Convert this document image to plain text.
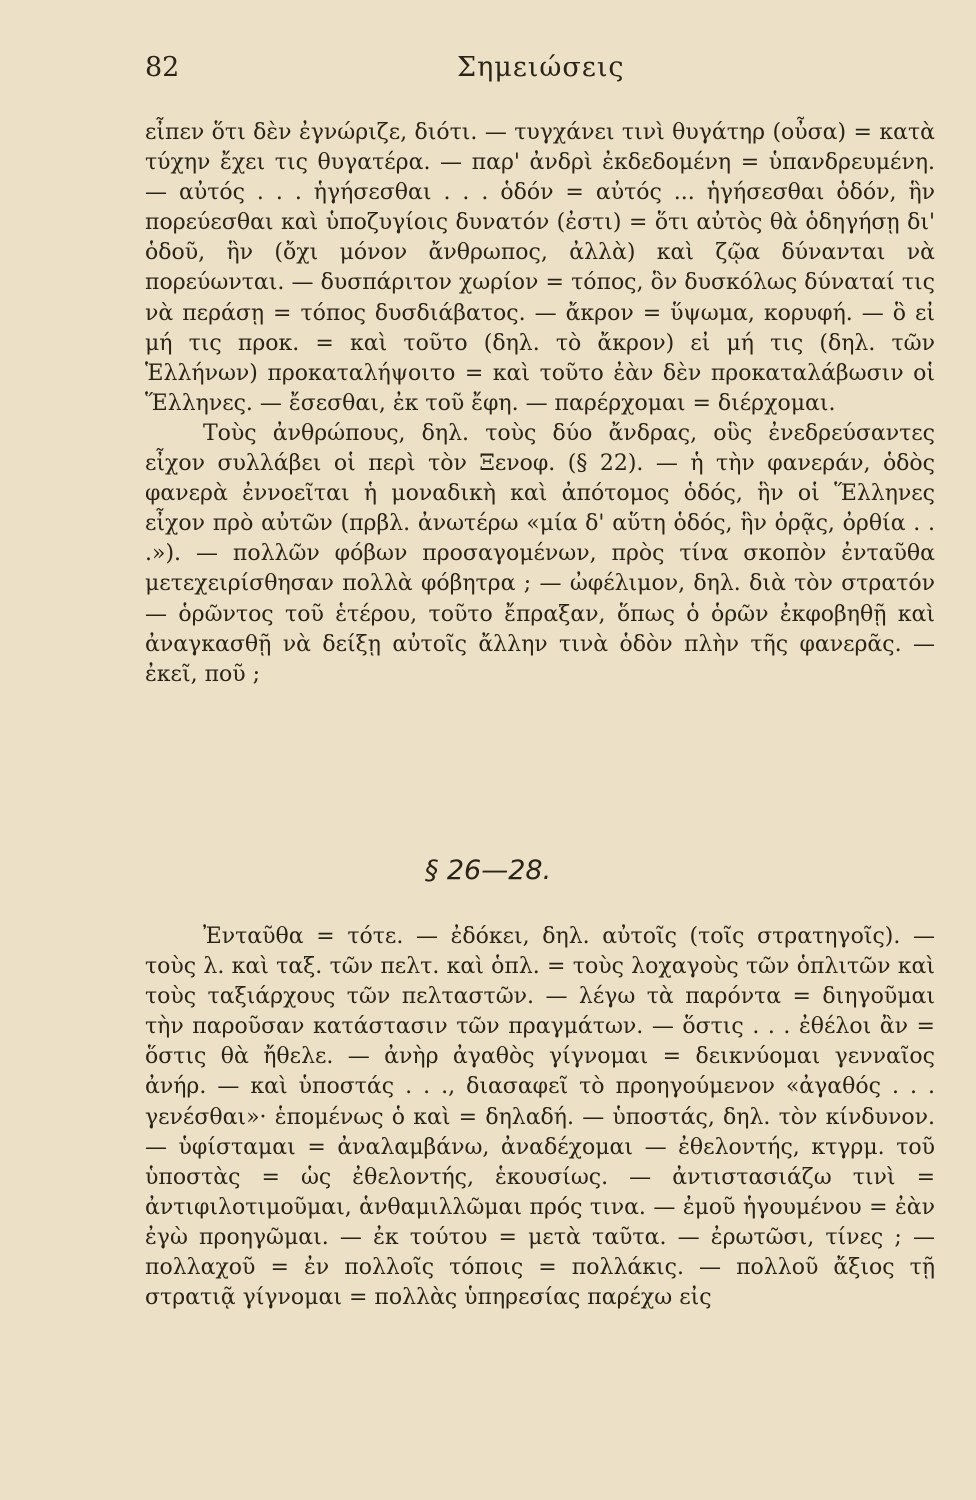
82	Σημειώσεις

εἶπεν ὅτι δὲν ἐγνώριζε, διότι. — τυγχάνει τινὶ θυγάτηρ (οὖσα) = κατὰ τύχην ἔχει τις θυγατέρα. — παρ' ἀνδρὶ ἐκδεδομένη = ὑπανδρευμένη. — αὐτός . . . ἡγήσεσθαι . . . ὁδόν = αὐτός ... ἡγήσεσθαι ὁδόν, ἣν πορεύεσθαι καὶ ὑποζυγίοις δυνατόν (ἐστι) = ὅτι αὐτὸς θὰ ὁδηγήσῃ δι' ὁδοῦ, ἣν (ὄχι μόνον ἄνθρωπος, ἀλλὰ) καὶ ζῷα δύνανται νὰ πορεύωνται. — δυσπάριτον χωρίον = τόπος, ὃν δυσκόλως δύναταί τις νὰ περάσῃ = τόπος δυσδιάβατος. — ἄκρον = ὕψωμα, κορυφή. — ὃ εἰ μή τις προκ. = καὶ τοῦτο (δηλ. τὸ ἄκρον) εἰ μή τις (δηλ. τῶν Ἑλλήνων) προκαταλήψοιτο = καὶ τοῦτο ἐὰν δὲν προκαταλάβωσιν οἱ Ἕλληνες. — ἔσεσθαι, ἐκ τοῦ ἔφη. — παρέρχομαι = διέρχομαι.

Τοὺς ἀνθρώπους, δηλ. τοὺς δύο ἄνδρας, οὓς ἐνεδρεύσαντες εἶχον συλλάβει οἱ περὶ τὸν Ξενοφ. (§ 22). — ἡ τὴν φανεράν, ὁδὸς φανερὰ ἐννοεῖται ἡ μοναδικὴ καὶ ἀπότομος ὁδός, ἣν οἱ Ἕλληνες εἶχον πρὸ αὐτῶν (πρβλ. ἀνωτέρω «μία δ' αὕτη ὁδός, ἣν ὁρᾷς, ὀρθία . . .»). — πολλῶν φόβων προσαγομένων, πρὸς τίνα σκοπὸν ἐνταῦθα μετεχειρίσθησαν πολλὰ φόβητρα ; — ὠφέλιμον, δηλ. διὰ τὸν στρατόν — ὁρῶντος τοῦ ἑτέρου, τοῦτο ἔπραξαν, ὅπως ὁ ὁρῶν ἐκφοβηθῇ καὶ ἀναγκασθῇ νὰ δείξῃ αὐτοῖς ἄλλην τινὰ ὁδὸν πλὴν τῆς φανερᾶς. — ἐκεῖ, ποῦ ;

§ 26—28.

Ἐνταῦθα = τότε. — ἐδόκει, δηλ. αὐτοῖς (τοῖς στρατηγοῖς). — τοὺς λ. καὶ ταξ. τῶν πελτ. καὶ ὁπλ. = τοὺς λοχαγοὺς τῶν ὁπλιτῶν καὶ τοὺς ταξιάρχους τῶν πελταστῶν. — λέγω τὰ παρόντα = διηγοῦμαι τὴν παροῦσαν κατάστασιν τῶν πραγμάτων. — ὅστις . . . ἐθέλοι ἂν = ὅστις θὰ ἤθελε. — ἀνὴρ ἀγαθὸς γίγνομαι = δεικνύομαι γενναῖος ἀνήρ. — καὶ ὑποστάς . . ., διασαφεῖ τὸ προηγούμενον «ἀγαθός . . . γενέσθαι»· ἑπομένως ὁ καὶ = δηλαδή. — ὑποστάς, δηλ. τὸν κίνδυνον. — ὑφίσταμαι = ἀναλαμβάνω, ἀναδέχομαι — ἐθελοντής, κτγρμ. τοῦ ὑποστὰς = ὡς ἐθελοντής, ἑκουσίως. — ἀντιστασιάζω τινὶ = ἀντιφιλοτιμοῦμαι, ἁνθαμιλλῶμαι πρός τινα. — ἐμοῦ ἡγουμένου = ἐὰν ἐγὼ προηγῶμαι. — ἐκ τούτου = μετὰ ταῦτα. — ἐρωτῶσι, τίνες ; — πολλαχοῦ = ἐν πολλοῖς τόποις = πολλάκις. — πολλοῦ ἄξιος τῇ στρατιᾷ γίγνομαι = πολλὰς ὑπηρεσίας παρέχω εἰς
